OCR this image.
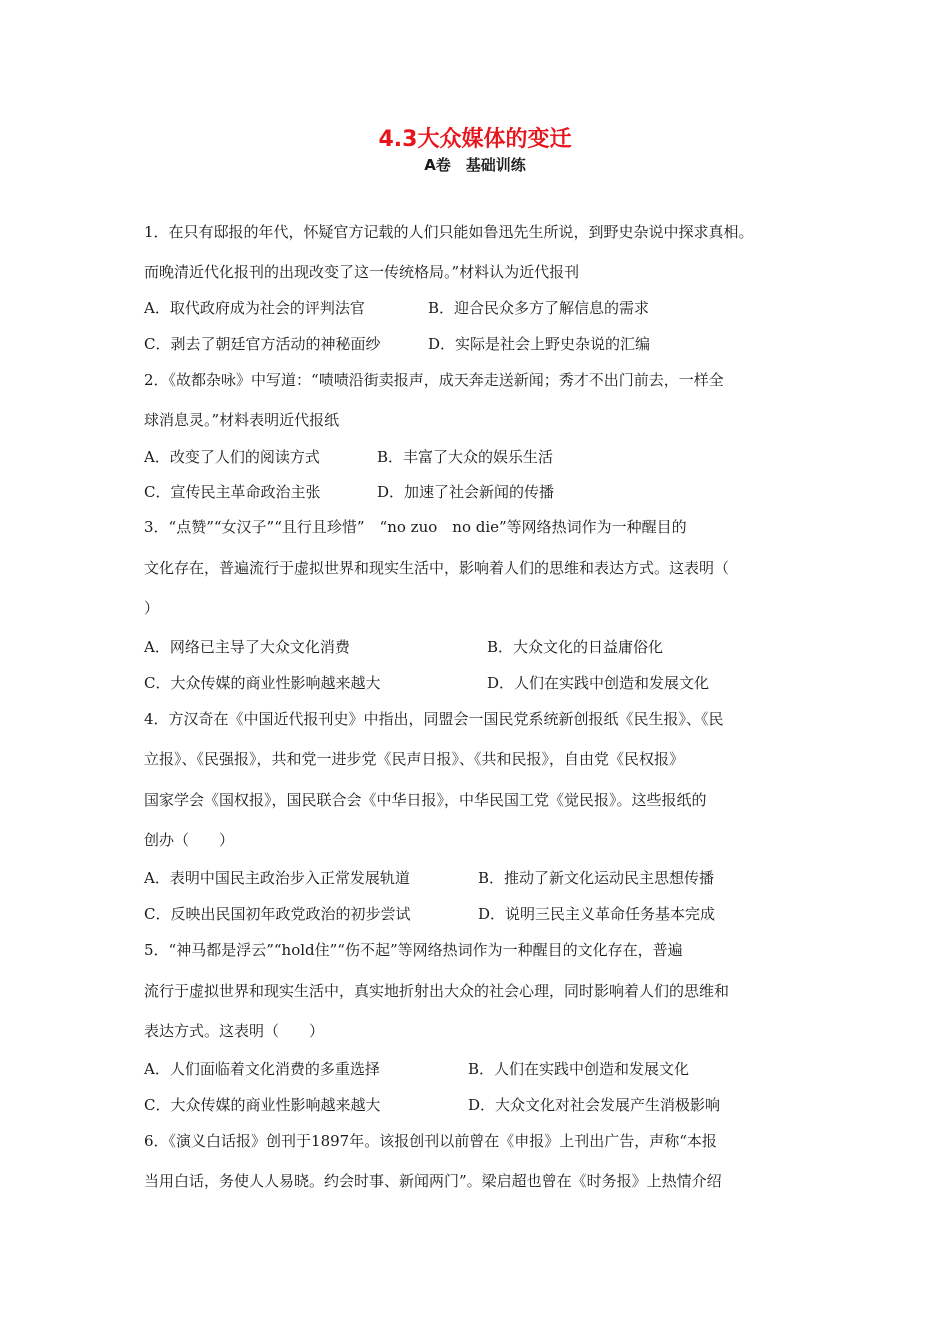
4.3大众媒体的变迁
A卷　基础训练
1．在只有邸报的年代，怀疑官方记载的人们只能如鲁迅先生所说，到野史杂说中探求真相。
而晚清近代化报刊的出现改变了这一传统格局。”材料认为近代报刊
A．取代政府成为社会的评判法官	B．迎合民众多方了解信息的需求
C．剥去了朝廷官方活动的神秘面纱	D．实际是社会上野史杂说的汇编
2．《故都杂咏》中写道：“啧啧沿街卖报声，成天奔走送新闻；秀才不出门前去，一样全
球消息灵。”材料表明近代报纸
A．改变了人们的阅读方式	B．丰富了大众的娱乐生活
C．宣传民主革命政治主张	D．加速了社会新闻的传播
3．“点赞”“女汉子”“且行且珍惜”　“no zuo　no die”等网络热词作为一种醒目的
文化存在，普遍流行于虚拟世界和现实生活中，影响着人们的思维和表达方式。这表明（
）
A．网络已主导了大众文化消费	B．大众文化的日益庸俗化
C．大众传媒的商业性影响越来越大	D．人们在实践中创造和发展文化
4．方汉奇在《中国近代报刊史》中指出，同盟会一国民党系统新创报纸《民生报》、《民
立报》、《民强报》，共和党一进步党《民声日报》、《共和民报》，自由党《民权报》
国家学会《国权报》，国民联合会《中华日报》，中华民国工党《觉民报》。这些报纸的
创办（　　）
A．表明中国民主政治步入正常发展轨道	B．推动了新文化运动民主思想传播
C．反映出民国初年政党政治的初步尝试	D．说明三民主义革命任务基本完成
5．“神马都是浮云”“hold住”“伤不起”等网络热词作为一种醒目的文化存在，普遍
流行于虚拟世界和现实生活中，真实地折射出大众的社会心理，同时影响着人们的思维和
表达方式。这表明（　　）
A．人们面临着文化消费的多重选择	B．人们在实践中创造和发展文化
C．大众传媒的商业性影响越来越大	D．大众文化对社会发展产生消极影响
6．《演义白话报》创刊于1897年。该报创刊以前曾在《申报》上刊出广告，声称“本报
当用白话，务使人人易晓。约会时事、新闻两门”。梁启超也曾在《时务报》上热情介绍
